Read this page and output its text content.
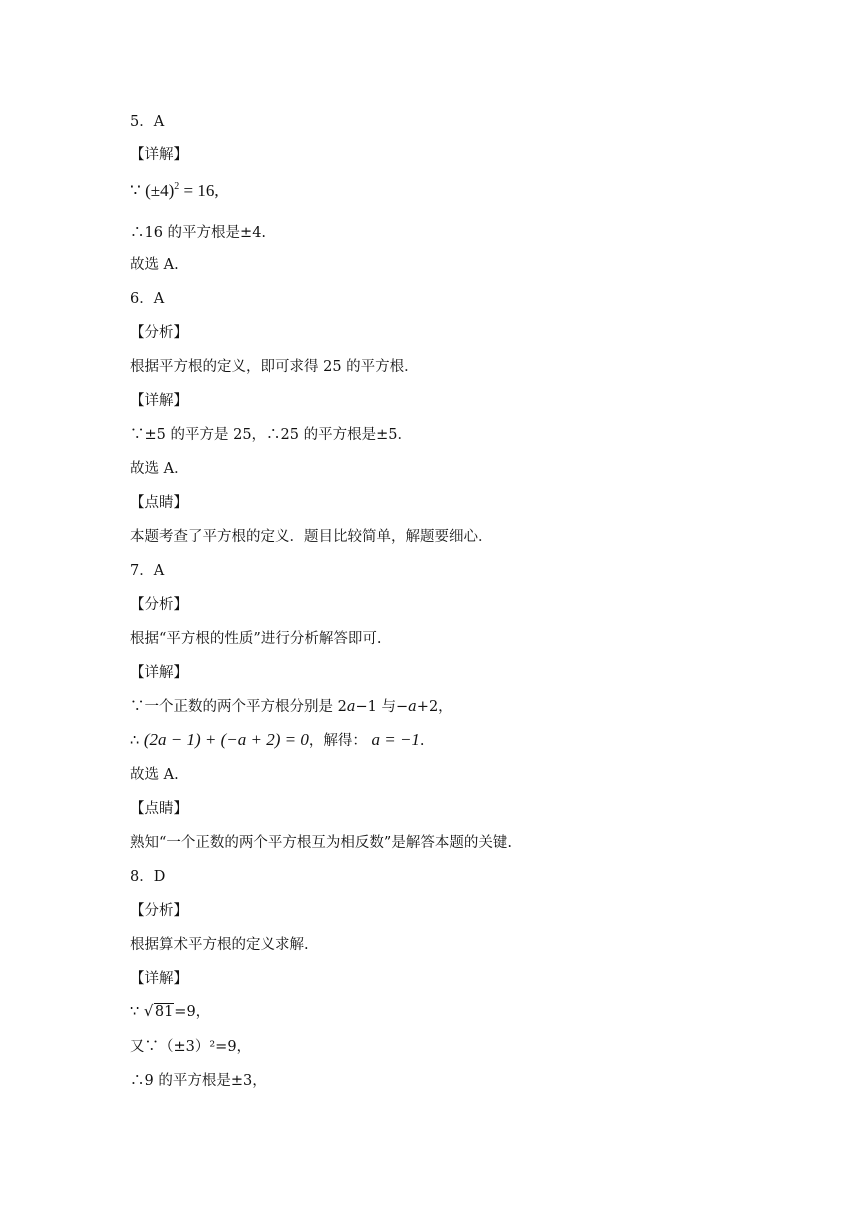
5．A
【详解】
∵ $(\pm 4)^2 = 16$,
∴16 的平方根是±4.
故选 A.
6．A
【分析】
根据平方根的定义，即可求得 25 的平方根．
【详解】
∵±5 的平方是 25，∴25 的平方根是±5．
故选 A．
【点睛】
本题考查了平方根的定义．题目比较简单，解题要细心．
7．A
【分析】
根据“平方根的性质”进行分析解答即可.
【详解】
∵一个正数的两个平方根分别是 2a−1 与−a+2，
∴ (2a − 1) + (−a + 2) = 0，解得： a = −1.
故选 A.
【点睛】
熟知“一个正数的两个平方根互为相反数”是解答本题的关键.
8．D
【分析】
根据算术平方根的定义求解.
【详解】
∵ √ 81=9，
又∵（±3）²=9，
∴9 的平方根是±3，
